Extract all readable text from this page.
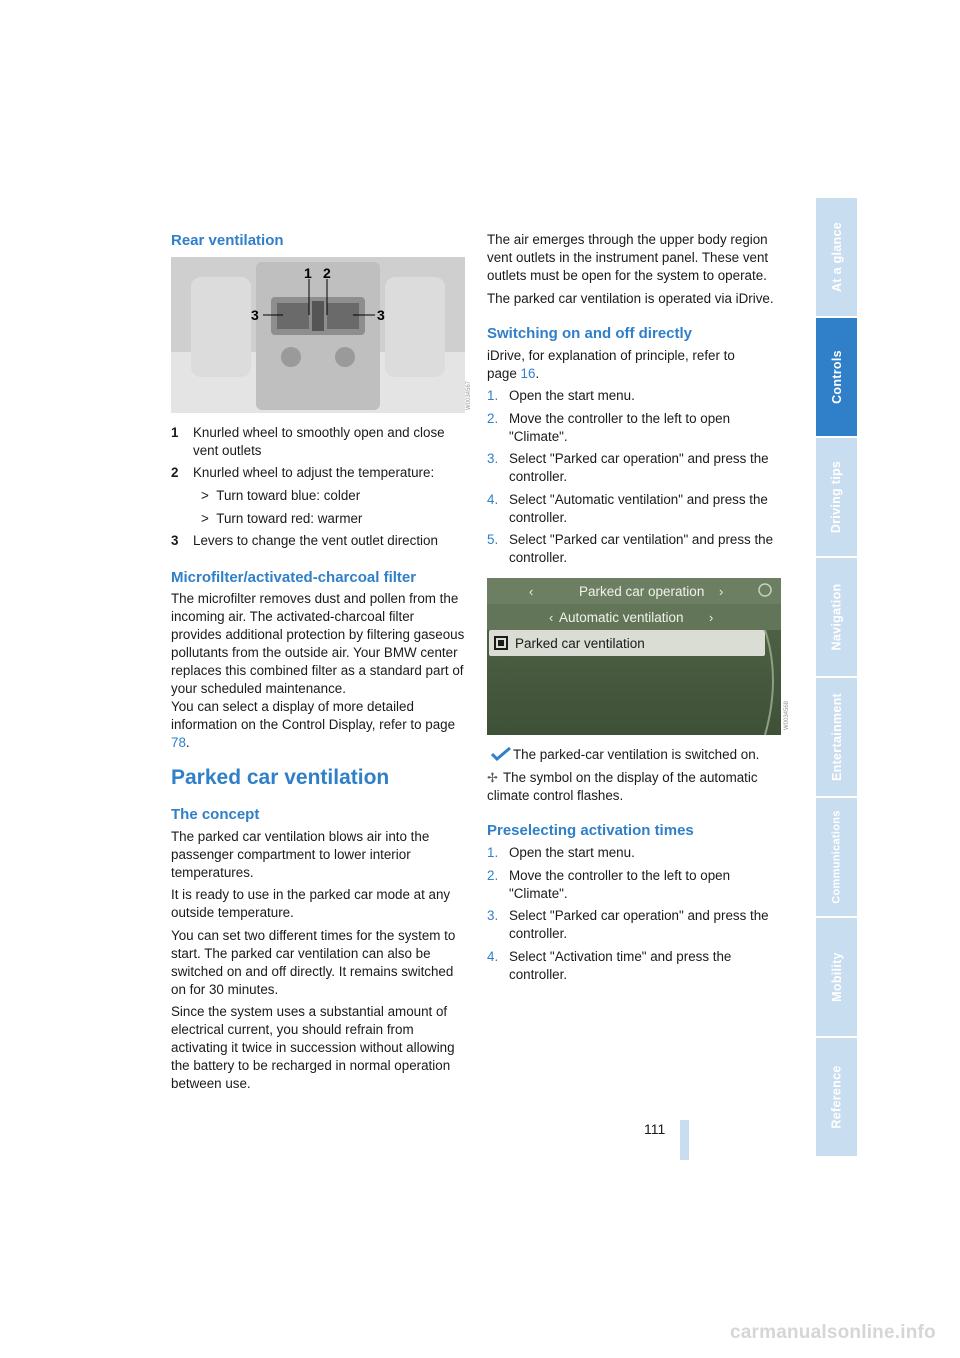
At a glance
Controls
Driving tips
Navigation
Entertainment
Communications
Mobility
Reference
Rear ventilation
1 2
3	3
W0034567
1 Knurled wheel to smoothly open and close vent outlets
2 Knurled wheel to adjust the temperature:
> Turn toward blue: colder
> Turn toward red: warmer
3 Levers to change the vent outlet direction
Microfilter/activated-charcoal filter

The microfilter removes dust and pollen from the incoming air. The activated-charcoal filter provides additional protection by filtering gaseous pollutants from the outside air. Your BMW center replaces this combined filter as a standard part of your scheduled maintenance.

You can select a display of more detailed information on the Control Display, refer to page 78.

Parked car ventilation
The concept

The parked car ventilation blows air into the passenger compartment to lower interior temperatures.

It is ready to use in the parked car mode at any outside temperature.

You can set two different times for the system to start. The parked car ventilation can also be switched on and off directly. It remains switched on for 30 minutes.

Since the system uses a substantial amount of electrical current, you should refrain from activating it twice in succession without allowing the battery to be recharged in normal operation between use.

The air emerges through the upper body region vent outlets in the instrument panel. These vent outlets must be open for the system to operate.

The parked car ventilation is operated via iDrive.

Switching on and off directly

iDrive, for explanation of principle, refer to page 16.

1. Open the start menu.
2. Move the controller to the left to open "Climate".
3. Select "Parked car operation" and press the controller.
4. Select "Automatic ventilation" and press the controller.
5. Select "Parked car ventilation" and press the controller.
‹	›
‹	›
Parked car operation
Automatic ventilation
Parked car ventilation
W0034568
The parked-car ventilation is switched on.
✢ The symbol on the display of the automatic climate control flashes.
Preselecting activation times
1. Open the start menu.
2. Move the controller to the left to open "Climate".
3. Select "Parked car operation" and press the controller.
4. Select "Activation time" and press the controller.
111
carmanualsonline.info
